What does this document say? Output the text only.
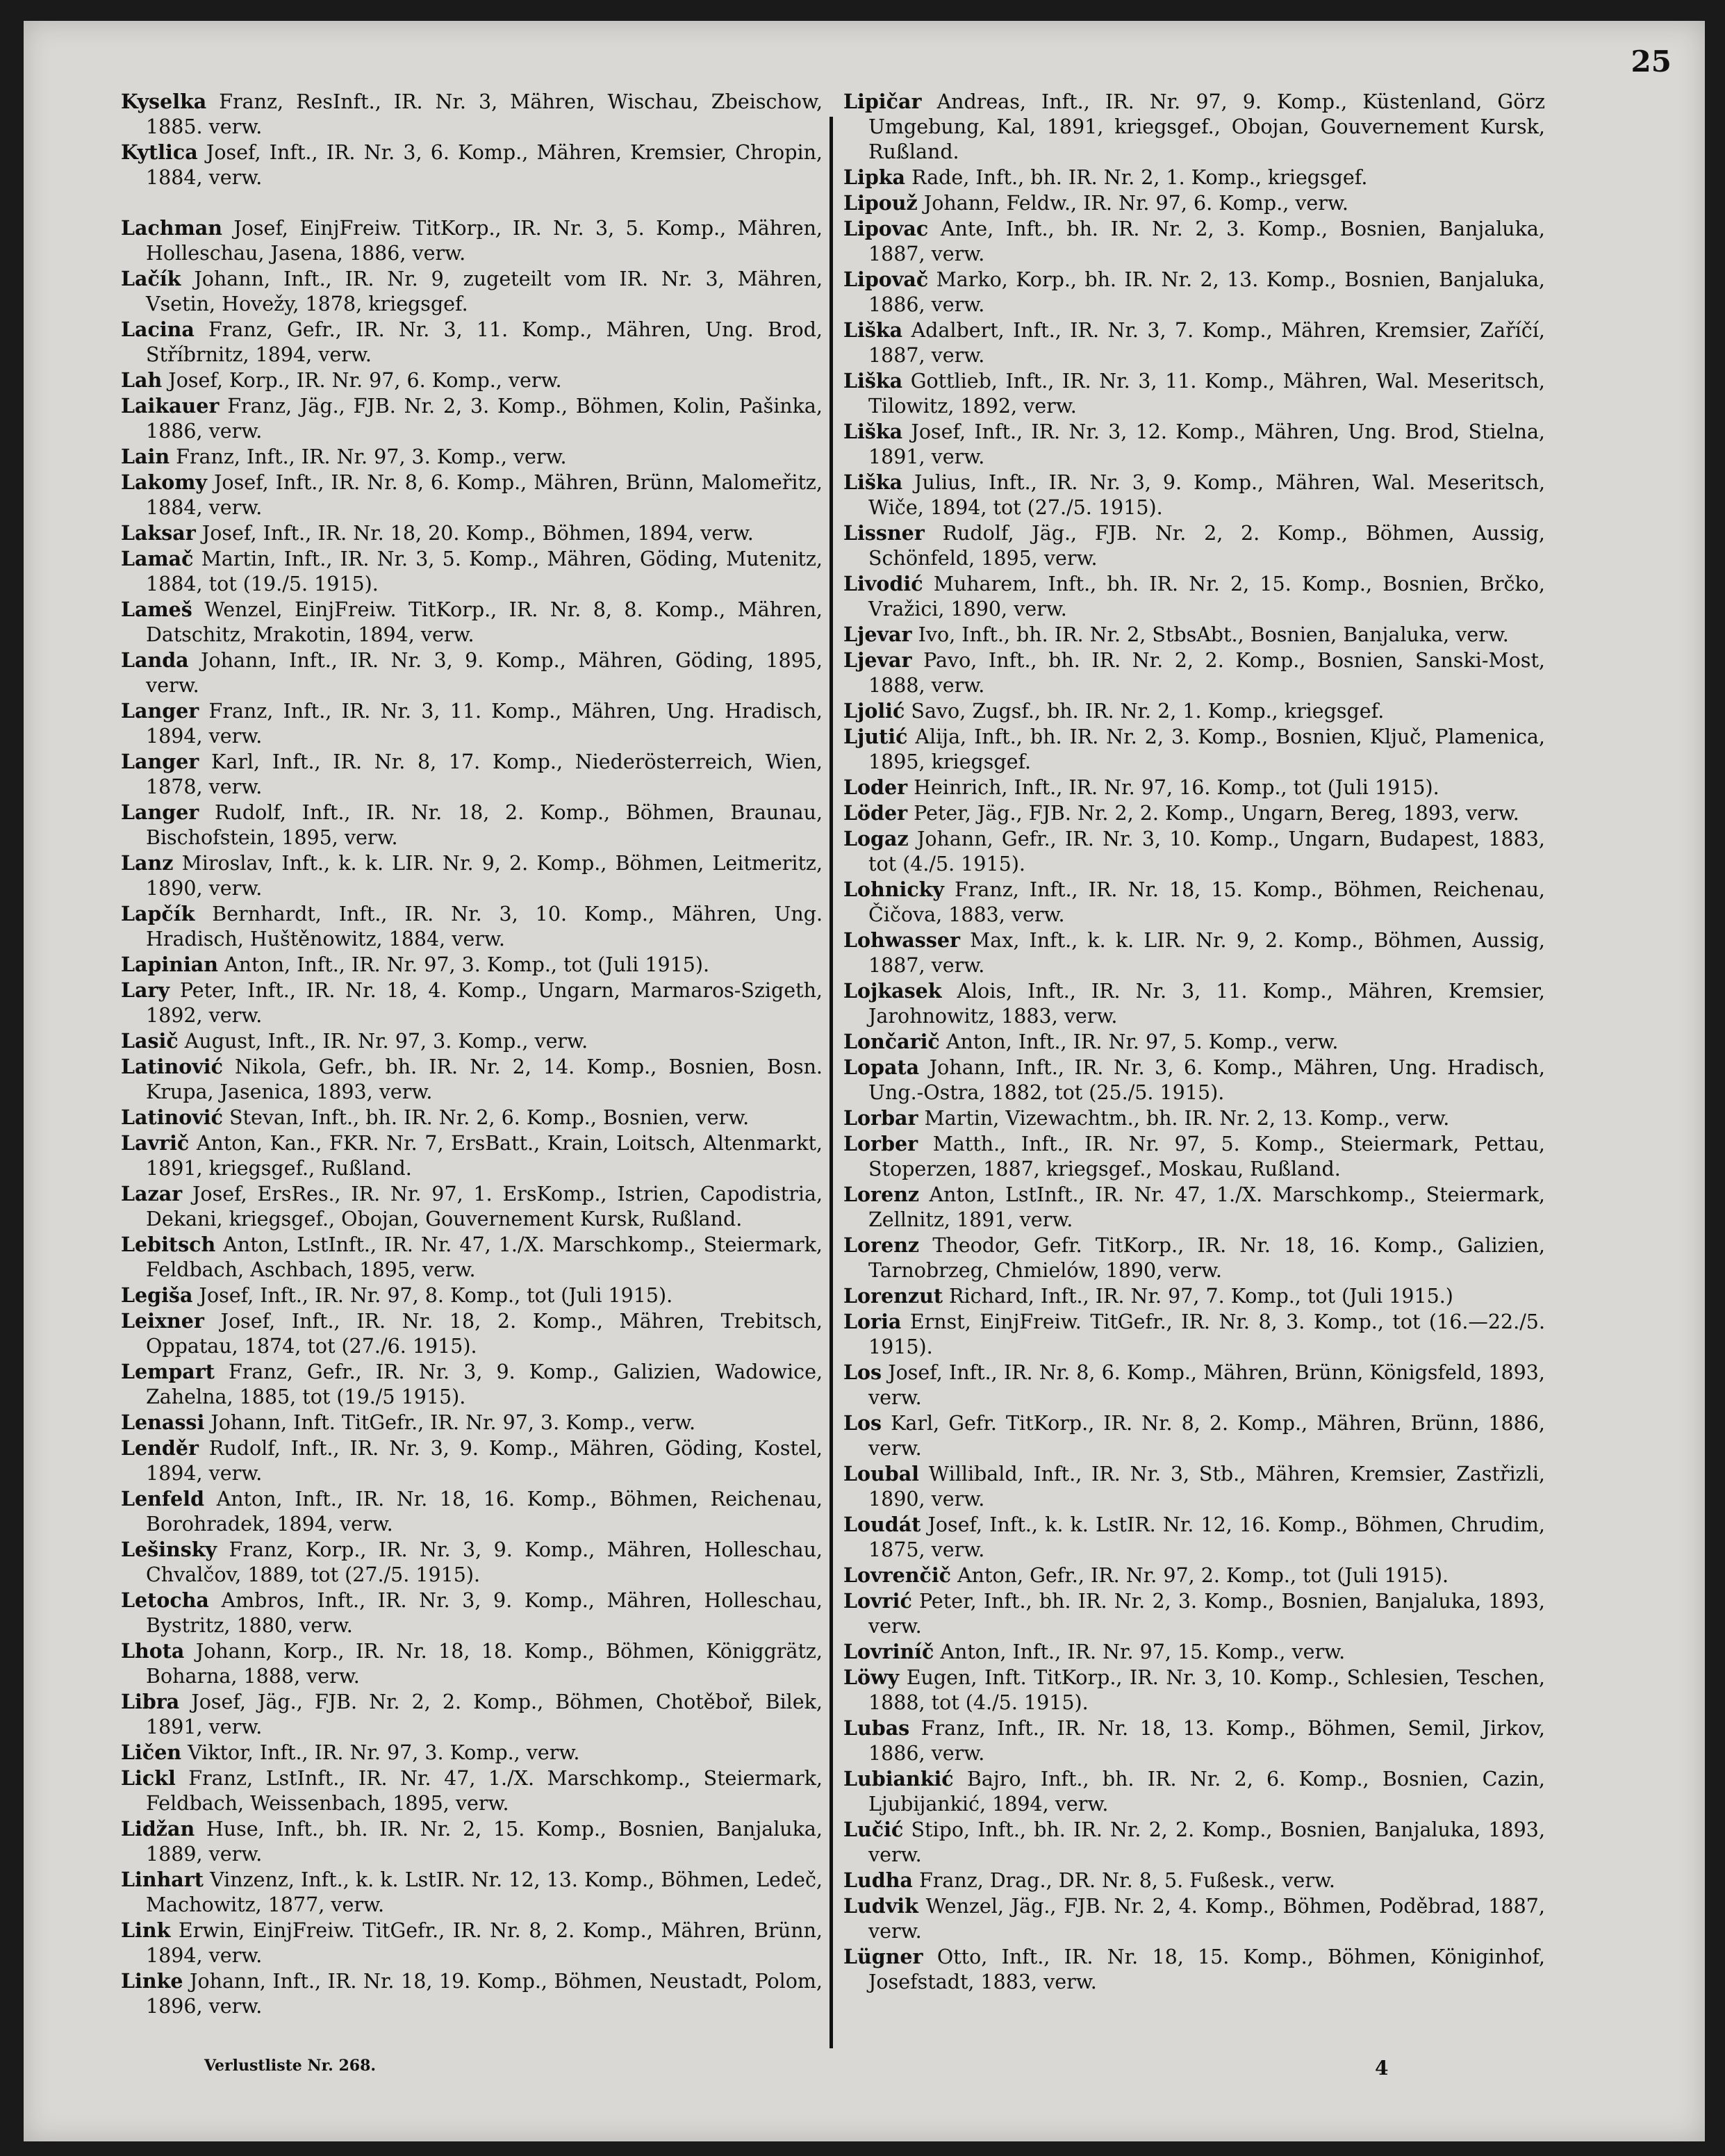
25

Kyselka Franz, ResInft., IR. Nr. 3, Mähren, Wischau, Zbeischow, 1885. verw.

Kytlica Josef, Inft., IR. Nr. 3, 6. Komp., Mähren, Kremsier, Chropin, 1884, verw.

Lachman Josef, EinjFreiw. TitKorp., IR. Nr. 3, 5. Komp., Mähren, Holleschau, Jasena, 1886, verw.

Lačík Johann, Inft., IR. Nr. 9, zugeteilt vom IR. Nr. 3, Mähren, Vsetin, Hovežy, 1878, kriegsgef.

Lacina Franz, Gefr., IR. Nr. 3, 11. Komp., Mähren, Ung. Brod, Stříbrnitz, 1894, verw.

Lah Josef, Korp., IR. Nr. 97, 6. Komp., verw.

Laikauer Franz, Jäg., FJB. Nr. 2, 3. Komp., Böhmen, Kolin, Pašinka, 1886, verw.

Lain Franz, Inft., IR. Nr. 97, 3. Komp., verw.

Lakomy Josef, Inft., IR. Nr. 8, 6. Komp., Mähren, Brünn, Malomeřitz, 1884, verw.

Laksar Josef, Inft., IR. Nr. 18, 20. Komp., Böhmen, 1894, verw.

Lamač Martin, Inft., IR. Nr. 3, 5. Komp., Mähren, Göding, Mutenitz, 1884, tot (19./5. 1915).

Lameš Wenzel, EinjFreiw. TitKorp., IR. Nr. 8, 8. Komp., Mähren, Datschitz, Mrakotin, 1894, verw.

Landa Johann, Inft., IR. Nr. 3, 9. Komp., Mähren, Göding, 1895, verw.

Langer Franz, Inft., IR. Nr. 3, 11. Komp., Mähren, Ung. Hradisch, 1894, verw.

Langer Karl, Inft., IR. Nr. 8, 17. Komp., Niederösterreich, Wien, 1878, verw.

Langer Rudolf, Inft., IR. Nr. 18, 2. Komp., Böhmen, Braunau, Bischofstein, 1895, verw.

Lanz Miroslav, Inft., k. k. LIR. Nr. 9, 2. Komp., Böhmen, Leitmeritz, 1890, verw.

Lapčík Bernhardt, Inft., IR. Nr. 3, 10. Komp., Mähren, Ung. Hradisch, Huštěnowitz, 1884, verw.

Lapinian Anton, Inft., IR. Nr. 97, 3. Komp., tot (Juli 1915).

Lary Peter, Inft., IR. Nr. 18, 4. Komp., Ungarn, Marmaros-Szigeth, 1892, verw.

Lasič August, Inft., IR. Nr. 97, 3. Komp., verw.

Latinović Nikola, Gefr., bh. IR. Nr. 2, 14. Komp., Bosnien, Bosn. Krupa, Jasenica, 1893, verw.

Latinović Stevan, Inft., bh. IR. Nr. 2, 6. Komp., Bosnien, verw.

Lavrič Anton, Kan., FKR. Nr. 7, ErsBatt., Krain, Loitsch, Altenmarkt, 1891, kriegsgef., Rußland.

Lazar Josef, ErsRes., IR. Nr. 97, 1. ErsKomp., Istrien, Capodistria, Dekani, kriegsgef., Obojan, Gouvernement Kursk, Rußland.

Lebitsch Anton, LstInft., IR. Nr. 47, 1./X. Marschkomp., Steiermark, Feldbach, Aschbach, 1895, verw.

Legiša Josef, Inft., IR. Nr. 97, 8. Komp., tot (Juli 1915).

Leixner Josef, Inft., IR. Nr. 18, 2. Komp., Mähren, Trebitsch, Oppatau, 1874, tot (27./6. 1915).

Lempart Franz, Gefr., IR. Nr. 3, 9. Komp., Galizien, Wadowice, Zahelna, 1885, tot (19./5 1915).

Lenassi Johann, Inft. TitGefr., IR. Nr. 97, 3. Komp., verw.

Lenděr Rudolf, Inft., IR. Nr. 3, 9. Komp., Mähren, Göding, Kostel, 1894, verw.

Lenfeld Anton, Inft., IR. Nr. 18, 16. Komp., Böhmen, Reichenau, Borohradek, 1894, verw.

Lešinsky Franz, Korp., IR. Nr. 3, 9. Komp., Mähren, Holleschau, Chvalčov, 1889, tot (27./5. 1915).

Letocha Ambros, Inft., IR. Nr. 3, 9. Komp., Mähren, Holleschau, Bystritz, 1880, verw.

Lhota Johann, Korp., IR. Nr. 18, 18. Komp., Böhmen, Königgrätz, Boharna, 1888, verw.

Libra Josef, Jäg., FJB. Nr. 2, 2. Komp., Böhmen, Chotěboř, Bilek, 1891, verw.

Ličen Viktor, Inft., IR. Nr. 97, 3. Komp., verw.

Lickl Franz, LstInft., IR. Nr. 47, 1./X. Marschkomp., Steiermark, Feldbach, Weissenbach, 1895, verw.

Lidžan Huse, Inft., bh. IR. Nr. 2, 15. Komp., Bosnien, Banjaluka, 1889, verw.

Linhart Vinzenz, Inft., k. k. LstIR. Nr. 12, 13. Komp., Böhmen, Ledeč, Machowitz, 1877, verw.

Link Erwin, EinjFreiw. TitGefr., IR. Nr. 8, 2. Komp., Mähren, Brünn, 1894, verw.

Linke Johann, Inft., IR. Nr. 18, 19. Komp., Böhmen, Neustadt, Polom, 1896, verw.

Lipičar Andreas, Inft., IR. Nr. 97, 9. Komp., Küstenland, Görz Umgebung, Kal, 1891, kriegsgef., Obojan, Gouvernement Kursk, Rußland.

Lipka Rade, Inft., bh. IR. Nr. 2, 1. Komp., kriegsgef.

Lipouž Johann, Feldw., IR. Nr. 97, 6. Komp., verw.

Lipovac Ante, Inft., bh. IR. Nr. 2, 3. Komp., Bosnien, Banjaluka, 1887, verw.

Lipovač Marko, Korp., bh. IR. Nr. 2, 13. Komp., Bosnien, Banjaluka, 1886, verw.

Liška Adalbert, Inft., IR. Nr. 3, 7. Komp., Mähren, Kremsier, Zaříčí, 1887, verw.

Liška Gottlieb, Inft., IR. Nr. 3, 11. Komp., Mähren, Wal. Meseritsch, Tilowitz, 1892, verw.

Liška Josef, Inft., IR. Nr. 3, 12. Komp., Mähren, Ung. Brod, Stielna, 1891, verw.

Liška Julius, Inft., IR. Nr. 3, 9. Komp., Mähren, Wal. Meseritsch, Wiče, 1894, tot (27./5. 1915).

Lissner Rudolf, Jäg., FJB. Nr. 2, 2. Komp., Böhmen, Aussig, Schönfeld, 1895, verw.

Livodić Muharem, Inft., bh. IR. Nr. 2, 15. Komp., Bosnien, Brčko, Vražici, 1890, verw.

Ljevar Ivo, Inft., bh. IR. Nr. 2, StbsAbt., Bosnien, Banjaluka, verw.

Ljevar Pavo, Inft., bh. IR. Nr. 2, 2. Komp., Bosnien, Sanski-Most, 1888, verw.

Ljolić Savo, Zugsf., bh. IR. Nr. 2, 1. Komp., kriegsgef.

Ljutić Alija, Inft., bh. IR. Nr. 2, 3. Komp., Bosnien, Ključ, Plamenica, 1895, kriegsgef.

Loder Heinrich, Inft., IR. Nr. 97, 16. Komp., tot (Juli 1915).

Löder Peter, Jäg., FJB. Nr. 2, 2. Komp., Ungarn, Bereg, 1893, verw.

Logaz Johann, Gefr., IR. Nr. 3, 10. Komp., Ungarn, Budapest, 1883, tot (4./5. 1915).

Lohnicky Franz, Inft., IR. Nr. 18, 15. Komp., Böhmen, Reichenau, Čičova, 1883, verw.

Lohwasser Max, Inft., k. k. LIR. Nr. 9, 2. Komp., Böhmen, Aussig, 1887, verw.

Lojkasek Alois, Inft., IR. Nr. 3, 11. Komp., Mähren, Kremsier, Jarohnowitz, 1883, verw.

Lončarič Anton, Inft., IR. Nr. 97, 5. Komp., verw.

Lopata Johann, Inft., IR. Nr. 3, 6. Komp., Mähren, Ung. Hradisch, Ung.-Ostra, 1882, tot (25./5. 1915).

Lorbar Martin, Vizewachtm., bh. IR. Nr. 2, 13. Komp., verw.

Lorber Matth., Inft., IR. Nr. 97, 5. Komp., Steiermark, Pettau, Stoperzen, 1887, kriegsgef., Moskau, Rußland.

Lorenz Anton, LstInft., IR. Nr. 47, 1./X. Marschkomp., Steiermark, Zellnitz, 1891, verw.

Lorenz Theodor, Gefr. TitKorp., IR. Nr. 18, 16. Komp., Galizien, Tarnobrzeg, Chmielów, 1890, verw.

Lorenzut Richard, Inft., IR. Nr. 97, 7. Komp., tot (Juli 1915.)

Loria Ernst, EinjFreiw. TitGefr., IR. Nr. 8, 3. Komp., tot (16.—22./5. 1915).

Los Josef, Inft., IR. Nr. 8, 6. Komp., Mähren, Brünn, Königsfeld, 1893, verw.

Los Karl, Gefr. TitKorp., IR. Nr. 8, 2. Komp., Mähren, Brünn, 1886, verw.

Loubal Willibald, Inft., IR. Nr. 3, Stb., Mähren, Kremsier, Zastřizli, 1890, verw.

Loudát Josef, Inft., k. k. LstIR. Nr. 12, 16. Komp., Böhmen, Chrudim, 1875, verw.

Lovrenčič Anton, Gefr., IR. Nr. 97, 2. Komp., tot (Juli 1915).

Lovrić Peter, Inft., bh. IR. Nr. 2, 3. Komp., Bosnien, Banjaluka, 1893, verw.

Lovriníč Anton, Inft., IR. Nr. 97, 15. Komp., verw.

Löwy Eugen, Inft. TitKorp., IR. Nr. 3, 10. Komp., Schlesien, Teschen, 1888, tot (4./5. 1915).

Lubas Franz, Inft., IR. Nr. 18, 13. Komp., Böhmen, Semil, Jirkov, 1886, verw.

Lubiankić Bajro, Inft., bh. IR. Nr. 2, 6. Komp., Bosnien, Cazin, Ljubijankić, 1894, verw.

Lučić Stipo, Inft., bh. IR. Nr. 2, 2. Komp., Bosnien, Banjaluka, 1893, verw.

Ludha Franz, Drag., DR. Nr. 8, 5. Fußesk., verw.

Ludvik Wenzel, Jäg., FJB. Nr. 2, 4. Komp., Böhmen, Poděbrad, 1887, verw.

Lügner Otto, Inft., IR. Nr. 18, 15. Komp., Böhmen, Königinhof, Josefstadt, 1883, verw.

Verlustliste Nr. 268.	4
